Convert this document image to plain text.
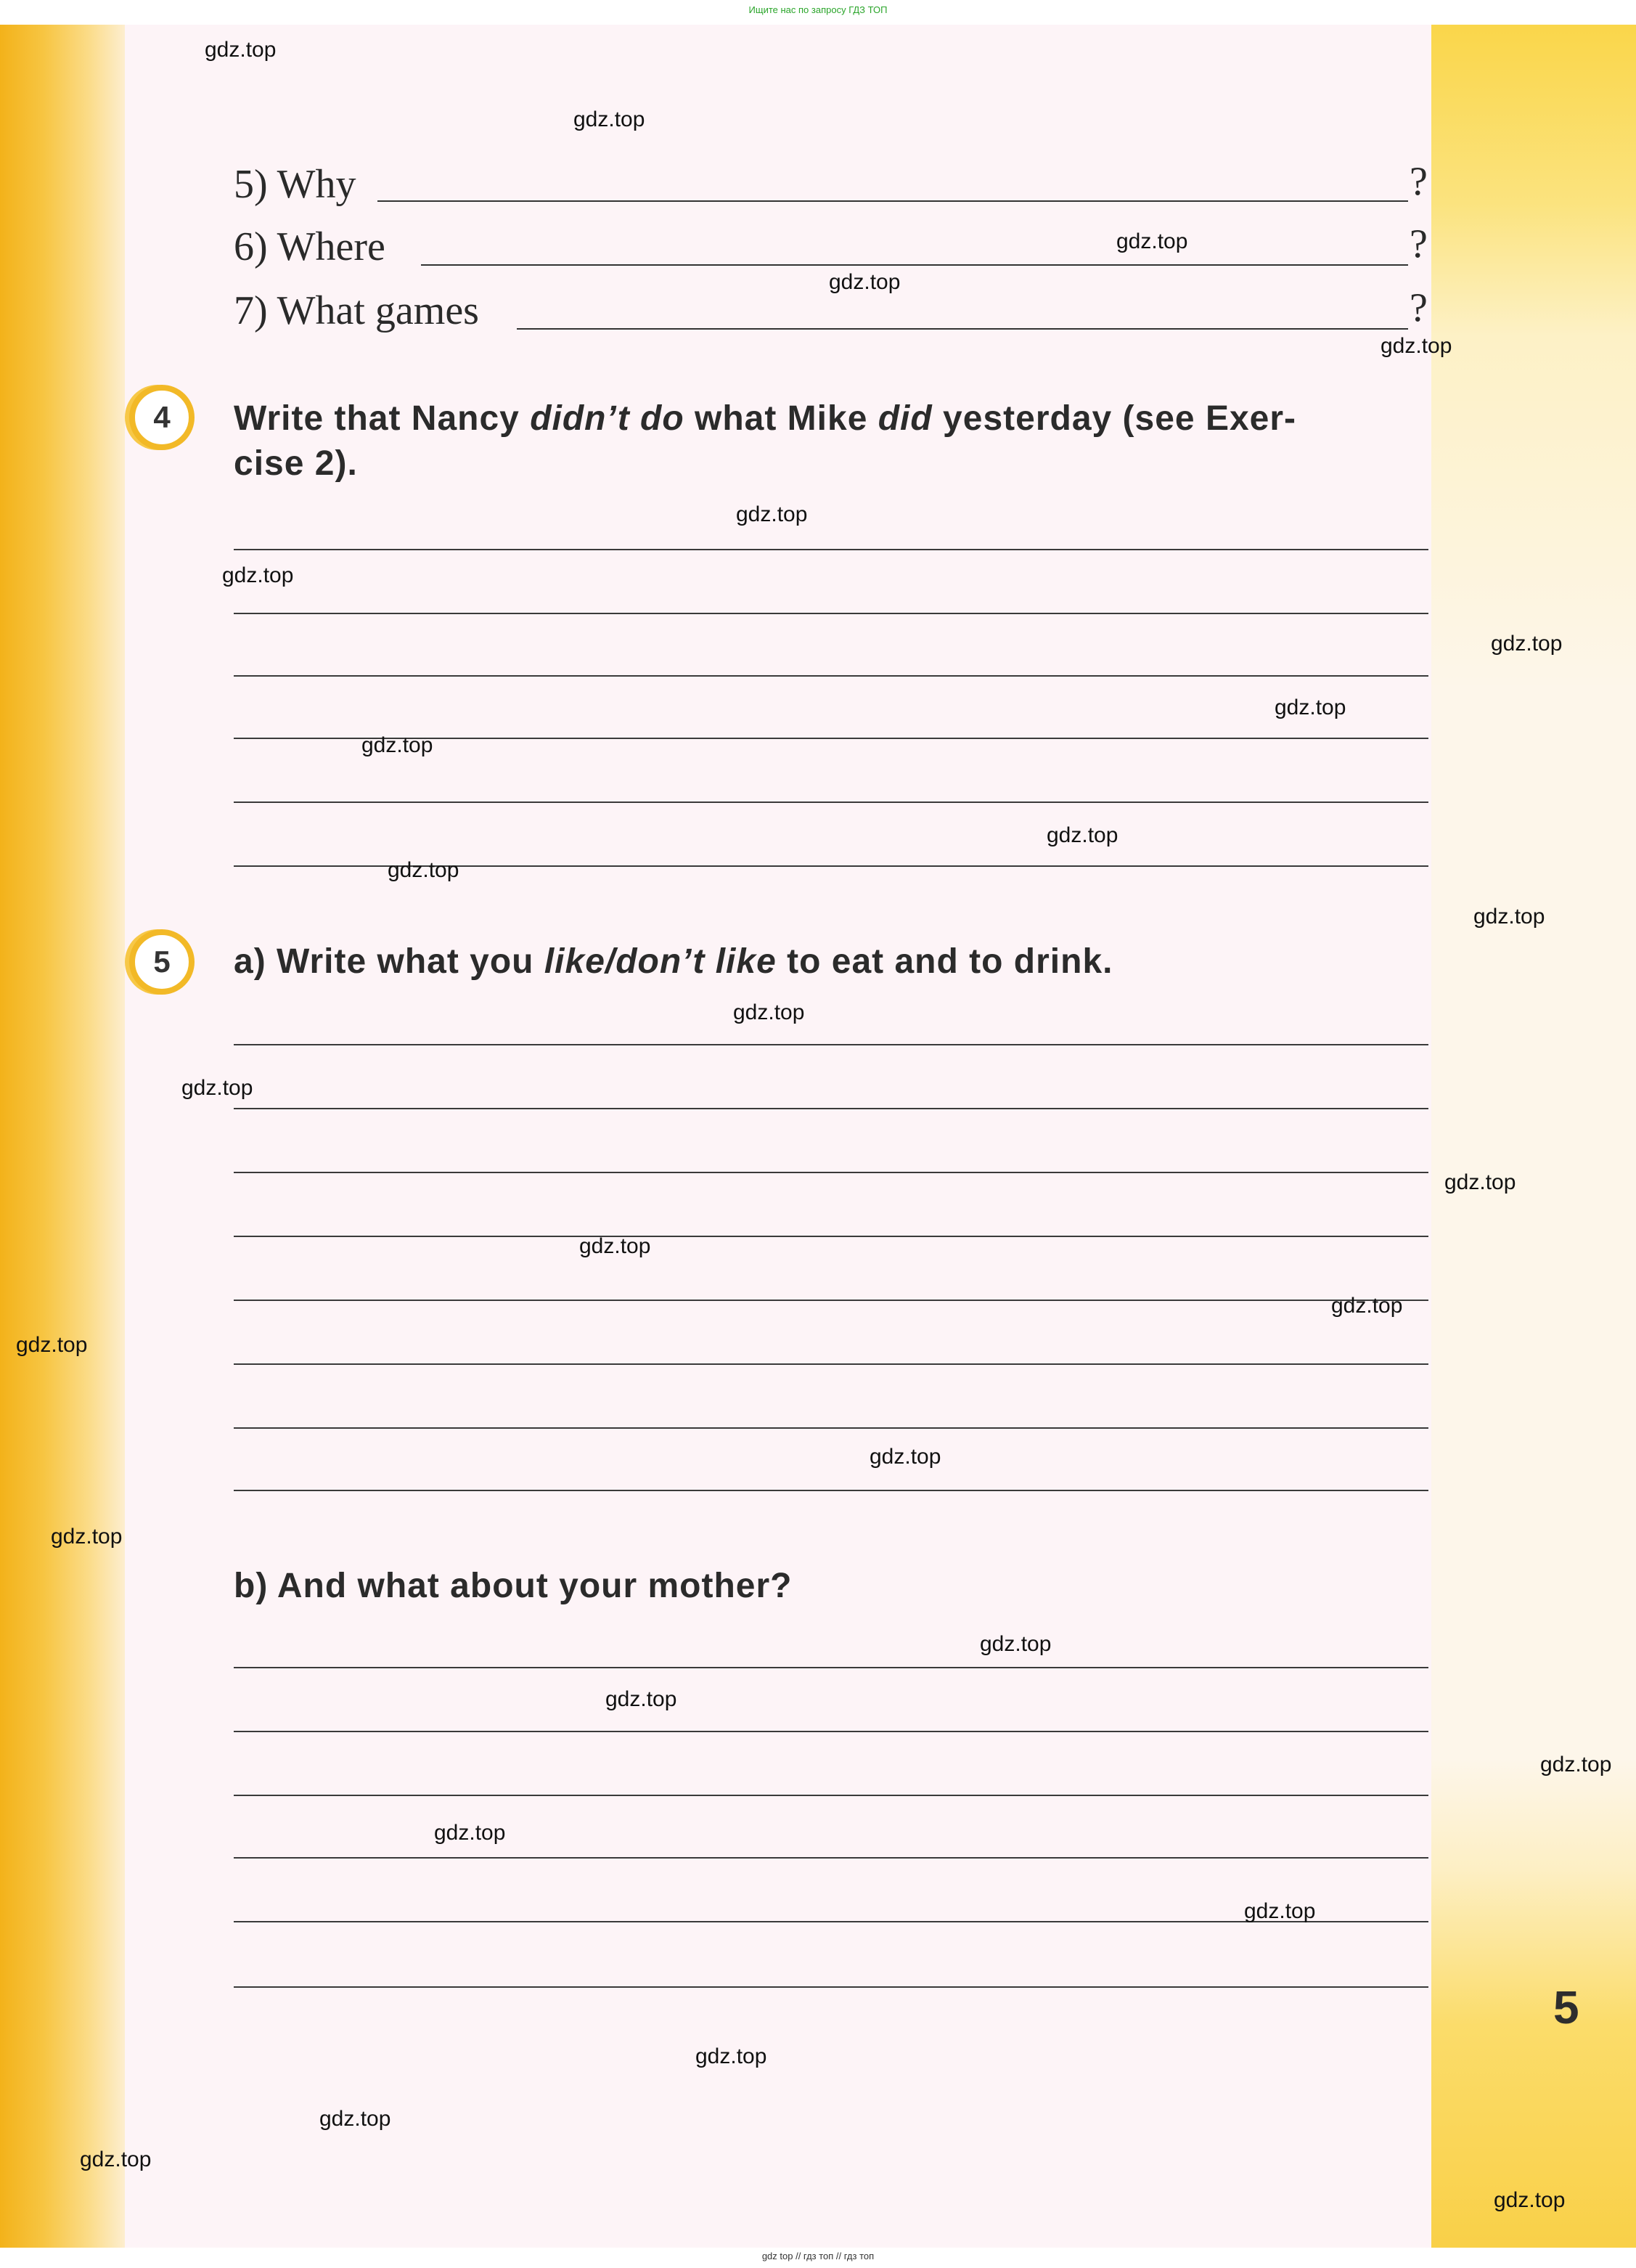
Ищите нас по запросу ГДЗ ТОП
gdz top // гдз топ // гдз топ
5) Why	?
6) Where	?
7) What games	?
4 Write that Nancy didn’t do what Mike did yesterday (see Exer-
cise 2).
5 a) Write what you like/don’t like to eat and to drink.
b) And what about your mother?
5
gdz.top
gdz.top
gdz.top
gdz.top
gdz.top
gdz.top
gdz.top
gdz.top
gdz.top
gdz.top
gdz.top
gdz.top
gdz.top
gdz.top
gdz.top
gdz.top
gdz.top
gdz.top
gdz.top
gdz.top
gdz.top
gdz.top
gdz.top
gdz.top
gdz.top
gdz.top
gdz.top
gdz.top
gdz.top
gdz.top
